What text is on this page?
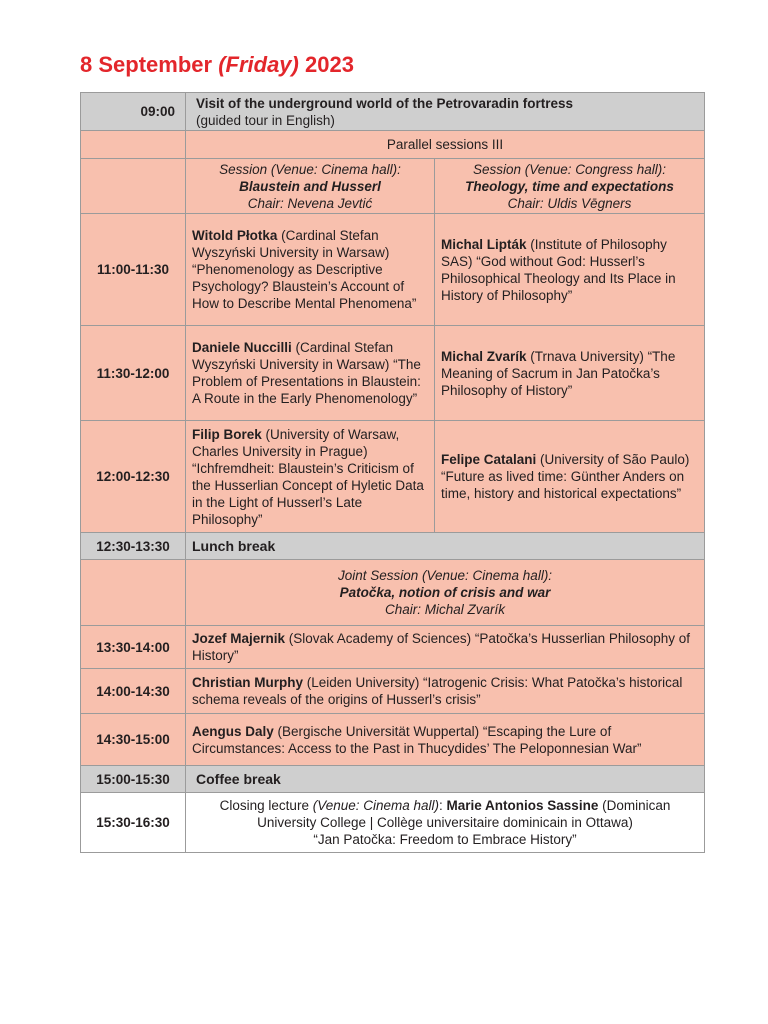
8 September (Friday) 2023
09:00	Visit of the underground world of the Petrovaradin fortress
(guided tour in English)	

	Parallel sessions III	

	Session (Venue: Cinema hall):
Blaustein and Husserl
Chair: Nevena Jevtić	Session (Venue: Congress hall):
Theology, time and expectations
Chair: Uldis Vēgners

11:00-11:30	Witold Płotka (Cardinal Stefan Wyszyński University in Warsaw) “Phenomenology as Descriptive Psychology? Blaustein’s Account of How to Describe Mental Phenomena”	Michal Lipták (Institute of Philosophy SAS) “God without God: Husserl’s Philosophical Theology and Its Place in History of Philosophy”
11:30-12:00	Daniele Nuccilli (Cardinal Stefan Wyszyński University in Warsaw) “The Problem of Presentations in Blaustein: A Route in the Early Phenomenology”	Michal Zvarík (Trnava University) “The Meaning of Sacrum in Jan Patočka’s Philosophy of History”
12:00-12:30	Filip Borek (University of Warsaw, Charles University in Prague) “Ichfremdheit: Blaustein’s Criticism of the Husserlian Concept of Hyletic Data in the Light of Husserl’s Late Philosophy”	Felipe Catalani (University of São Paulo) “Future as lived time: Günther Anders on time, history and historical expectations”
12:30-13:30	Lunch break	

	Joint Session (Venue: Cinema hall):
Patočka, notion of crisis and war
Chair: Michal Zvarík	

13:30-14:00	Jozef Majernik (Slovak Academy of Sciences) “Patočka’s Husserlian Philosophy of History”	
14:00-14:30	Christian Murphy (Leiden University) “Iatrogenic Crisis: What Patočka’s historical schema reveals of the origins of Husserl’s crisis”	
14:30-15:00	Aengus Daly (Bergische Universität Wuppertal) “Escaping the Lure of Circumstances: Access to the Past in Thucydides’ The Peloponnesian War”	
15:00-15:30	Coffee break	
15:30-16:30	Closing lecture (Venue: Cinema hall): Marie Antonios Sassine (Dominican University College | Collège universitaire dominicain in Ottawa)
“Jan Patočka: Freedom to Embrace History”	
